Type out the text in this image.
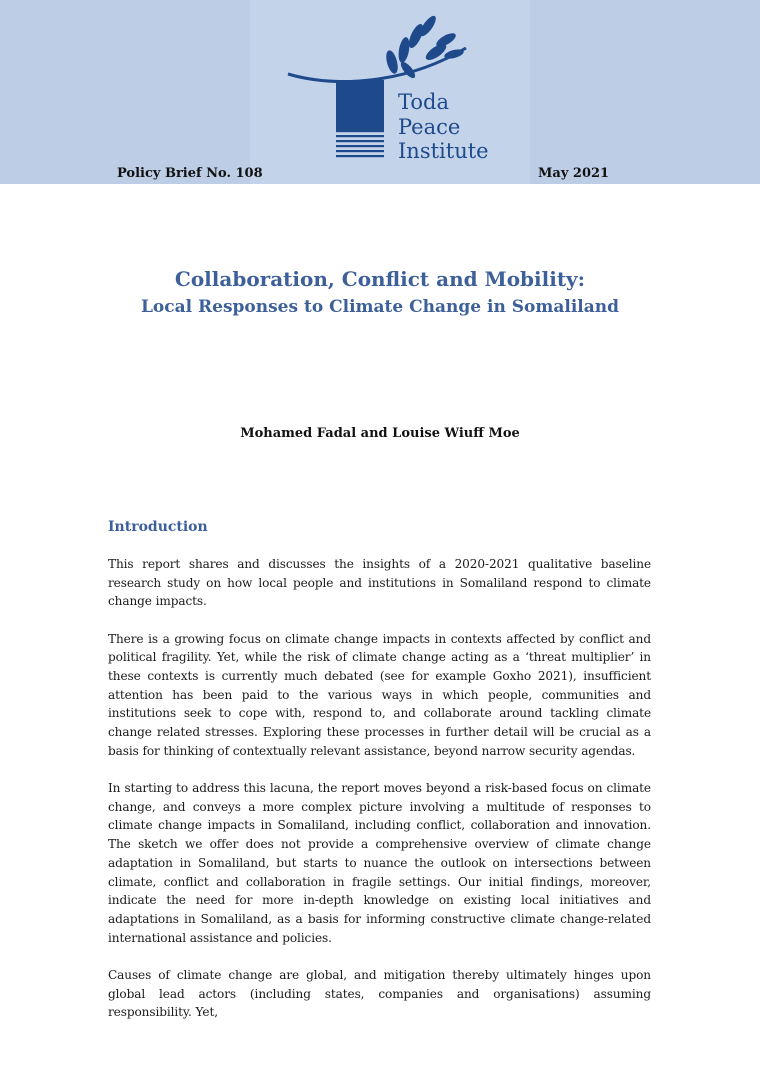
Toda
Peace
Institute
Policy Brief No. 108	May 2021
Collaboration, Conflict and Mobility:
Local Responses to Climate Change in Somaliland
Mohamed Fadal and Louise Wiuff Moe
Introduction

This report shares and discusses the insights of a 2020-2021 qualitative baseline research study on how local people and institutions in Somaliland respond to climate change impacts.

There is a growing focus on climate change impacts in contexts affected by conflict and political fragility. Yet, while the risk of climate change acting as a ‘threat multiplier’ in these contexts is currently much debated (see for example Goxho 2021), insufficient attention has been paid to the various ways in which people, communities and institutions seek to cope with, respond to, and collaborate around tackling climate change related stresses. Exploring these processes in further detail will be crucial as a basis for thinking of contextually relevant assistance, beyond narrow security agendas.

In starting to address this lacuna, the report moves beyond a risk-based focus on climate change, and conveys a more complex picture involving a multitude of responses to climate change impacts in Somaliland, including conflict, collaboration and innovation. The sketch we offer does not provide a comprehensive overview of climate change adaptation in Somaliland, but starts to nuance the outlook on intersections between climate, conflict and collaboration in fragile settings. Our initial findings, moreover, indicate the need for more in-depth knowledge on existing local initiatives and adaptations in Somaliland, as a basis for informing constructive climate change-related international assistance and policies.

Causes of climate change are global, and mitigation thereby ultimately hinges upon global lead actors (including states, companies and organisations) assuming responsibility. Yet,
